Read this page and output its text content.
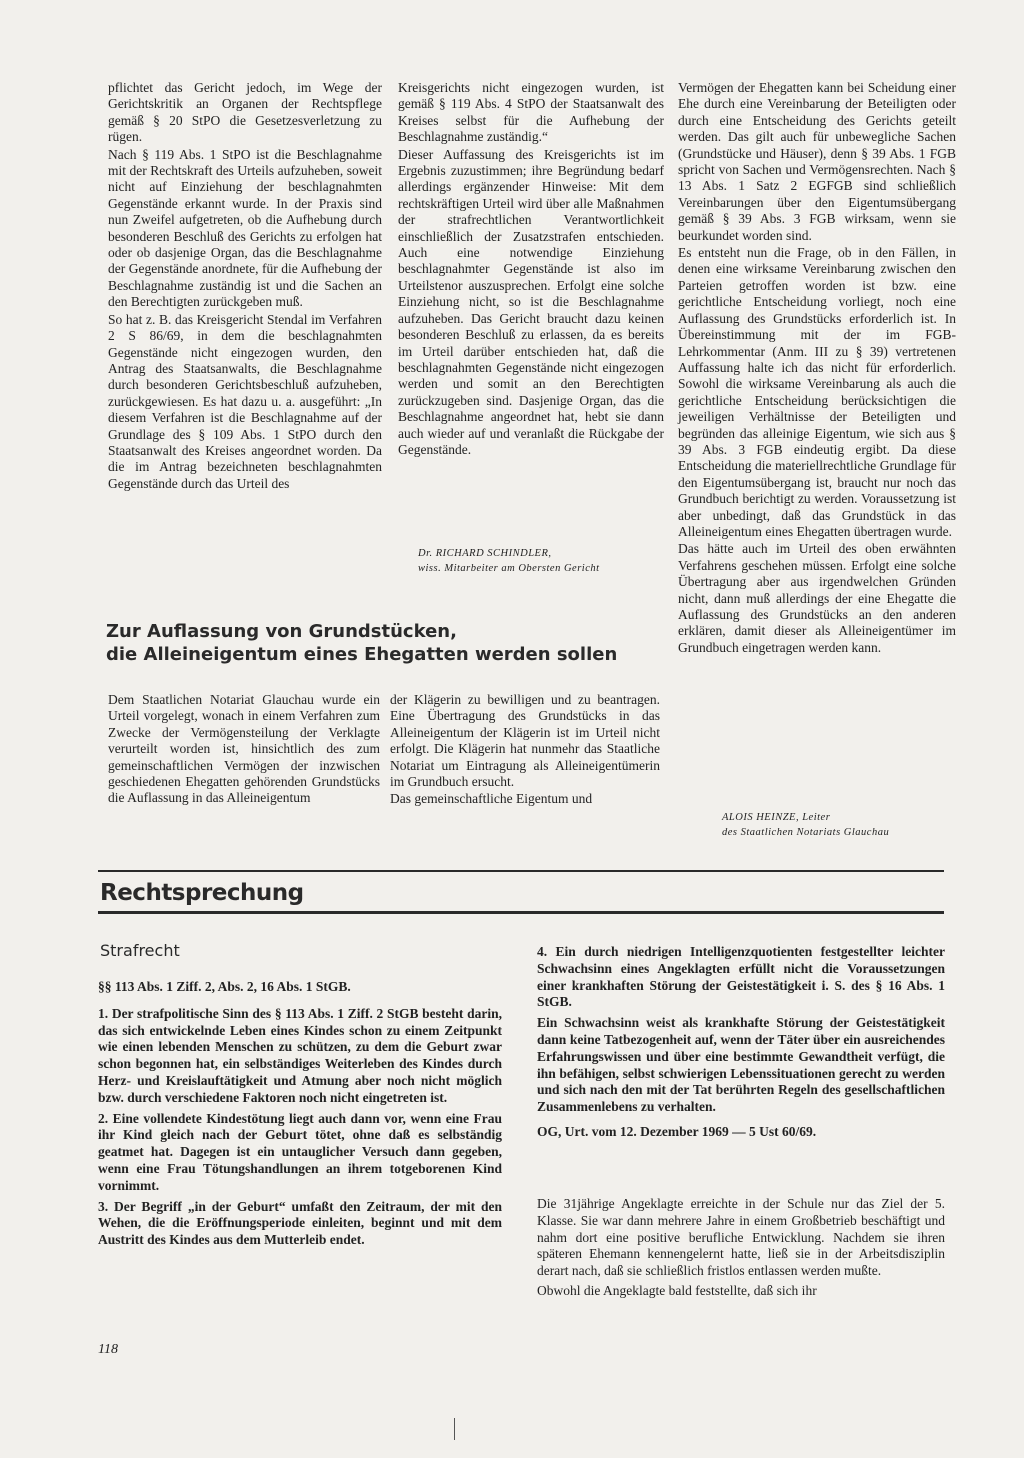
pflichtet das Gericht jedoch, im Wege der Gerichtskritik an Organen der Rechtspflege gemäß § 20 StPO die Gesetzesverletzung zu rügen.

Nach § 119 Abs. 1 StPO ist die Beschlagnahme mit der Rechtskraft des Urteils aufzuheben, soweit nicht auf Einziehung der beschlagnahmten Gegenstände erkannt wurde. In der Praxis sind nun Zweifel aufgetreten, ob die Aufhebung durch besonderen Beschluß des Gerichts zu erfolgen hat oder ob dasjenige Organ, das die Beschlagnahme der Gegenstände anordnete, für die Aufhebung der Beschlagnahme zuständig ist und die Sachen an den Berechtigten zurückgeben muß.

So hat z. B. das Kreisgericht Stendal im Verfahren 2 S 86/69, in dem die beschlagnahmten Gegenstände nicht eingezogen wurden, den Antrag des Staatsanwalts, die Beschlagnahme durch besonderen Gerichtsbeschluß aufzuheben, zurückgewiesen. Es hat dazu u. a. ausgeführt: „In diesem Verfahren ist die Beschlagnahme auf der Grundlage des § 109 Abs. 1 StPO durch den Staatsanwalt des Kreises angeordnet worden. Da die im Antrag bezeichneten beschlagnahmten Gegenstände durch das Urteil des

Kreisgerichts nicht eingezogen wurden, ist gemäß § 119 Abs. 4 StPO der Staatsanwalt des Kreises selbst für die Aufhebung der Beschlagnahme zuständig.“

Dieser Auffassung des Kreisgerichts ist im Ergebnis zuzustimmen; ihre Begründung bedarf allerdings ergänzender Hinweise: Mit dem rechtskräftigen Urteil wird über alle Maßnahmen der strafrechtlichen Verantwortlichkeit einschließlich der Zusatzstrafen entschieden. Auch eine notwendige Einziehung beschlagnahmter Gegenstände ist also im Urteilstenor auszusprechen. Erfolgt eine solche Einziehung nicht, so ist die Beschlagnahme aufzuheben. Das Gericht braucht dazu keinen besonderen Beschluß zu erlassen, da es bereits im Urteil darüber entschieden hat, daß die beschlagnahmten Gegenstände nicht eingezogen werden und somit an den Berechtigten zurückzugeben sind. Dasjenige Organ, das die Beschlagnahme angeordnet hat, hebt sie dann auch wieder auf und veranlaßt die Rückgabe der Gegenstände.

Dr. RICHARD SCHINDLER,
wiss. Mitarbeiter am Obersten Gericht
Zur Auflassung von Grundstücken,
die Alleineigentum eines Ehegatten werden sollen

Dem Staatlichen Notariat Glauchau wurde ein Urteil vorgelegt, wonach in einem Verfahren zum Zwecke der Vermögensteilung der Verklagte verurteilt worden ist, hinsichtlich des zum gemeinschaftlichen Vermögen der inzwischen geschiedenen Ehegatten gehörenden Grundstücks die Auflassung in das Alleineigentum

der Klägerin zu bewilligen und zu beantragen. Eine Übertragung des Grundstücks in das Alleineigentum der Klägerin ist im Urteil nicht erfolgt. Die Klägerin hat nunmehr das Staatliche Notariat um Eintragung als Alleineigentümerin im Grundbuch ersucht.

Das gemeinschaftliche Eigentum und

Vermögen der Ehegatten kann bei Scheidung einer Ehe durch eine Vereinbarung der Beteiligten oder durch eine Entscheidung des Gerichts geteilt werden. Das gilt auch für unbewegliche Sachen (Grundstücke und Häuser), denn § 39 Abs. 1 FGB spricht von Sachen und Vermögensrechten. Nach § 13 Abs. 1 Satz 2 EGFGB sind schließlich Vereinbarungen über den Eigentumsübergang gemäß § 39 Abs. 3 FGB wirksam, wenn sie beurkundet worden sind.

Es entsteht nun die Frage, ob in den Fällen, in denen eine wirksame Vereinbarung zwischen den Parteien getroffen worden ist bzw. eine gerichtliche Entscheidung vorliegt, noch eine Auflassung des Grundstücks erforderlich ist. In Übereinstimmung mit der im FGB-Lehrkommentar (Anm. III zu § 39) vertretenen Auffassung halte ich das nicht für erforderlich. Sowohl die wirksame Vereinbarung als auch die gerichtliche Entscheidung berücksichtigen die jeweiligen Verhältnisse der Beteiligten und begründen das alleinige Eigentum, wie sich aus § 39 Abs. 3 FGB eindeutig ergibt. Da diese Entscheidung die materiellrechtliche Grundlage für den Eigentumsübergang ist, braucht nur noch das Grundbuch berichtigt zu werden. Voraussetzung ist aber unbedingt, daß das Grundstück in das Alleineigentum eines Ehegatten übertragen wurde.

Das hätte auch im Urteil des oben erwähnten Verfahrens geschehen müssen. Erfolgt eine solche Übertragung aber aus irgendwelchen Gründen nicht, dann muß allerdings der eine Ehegatte die Auflassung des Grundstücks an den anderen erklären, damit dieser als Alleineigentümer im Grundbuch eingetragen werden kann.

ALOIS HEINZE, Leiter
des Staatlichen Notariats Glauchau
Rechtsprechung
Strafrecht

§§ 113 Abs. 1 Ziff. 2, Abs. 2, 16 Abs. 1 StGB.

1. Der strafpolitische Sinn des § 113 Abs. 1 Ziff. 2 StGB besteht darin, das sich entwickelnde Leben eines Kindes schon zu einem Zeitpunkt wie einen lebenden Menschen zu schützen, zu dem die Geburt zwar schon begonnen hat, ein selbständiges Weiterleben des Kindes durch Herz- und Kreislauftätigkeit und Atmung aber noch nicht möglich bzw. durch verschiedene Faktoren noch nicht eingetreten ist.

2. Eine vollendete Kindestötung liegt auch dann vor, wenn eine Frau ihr Kind gleich nach der Geburt tötet, ohne daß es selbständig geatmet hat. Dagegen ist ein untauglicher Versuch dann gegeben, wenn eine Frau Tötungshandlungen an ihrem totgeborenen Kind vornimmt.

3. Der Begriff „in der Geburt“ umfaßt den Zeitraum, der mit den Wehen, die die Eröffnungsperiode einleiten, beginnt und mit dem Austritt des Kindes aus dem Mutterleib endet.

4. Ein durch niedrigen Intelligenzquotienten festgestellter leichter Schwachsinn eines Angeklagten erfüllt nicht die Voraussetzungen einer krankhaften Störung der Geistestätigkeit i. S. des § 16 Abs. 1 StGB.

Ein Schwachsinn weist als krankhafte Störung der Geistestätigkeit dann keine Tatbezogenheit auf, wenn der Täter über ein ausreichendes Erfahrungswissen und über eine bestimmte Gewandtheit verfügt, die ihn befähigen, selbst schwierigen Lebenssituationen gerecht zu werden und sich nach den mit der Tat berührten Regeln des gesellschaftlichen Zusammenlebens zu verhalten.

OG, Urt. vom 12. Dezember 1969 — 5 Ust 60/69.

Die 31jährige Angeklagte erreichte in der Schule nur das Ziel der 5. Klasse. Sie war dann mehrere Jahre in einem Großbetrieb beschäftigt und nahm dort eine positive berufliche Entwicklung. Nachdem sie ihren späteren Ehemann kennengelernt hatte, ließ sie in der Arbeitsdisziplin derart nach, daß sie schließlich fristlos entlassen werden mußte.

Obwohl die Angeklagte bald feststellte, daß sich ihr

118
